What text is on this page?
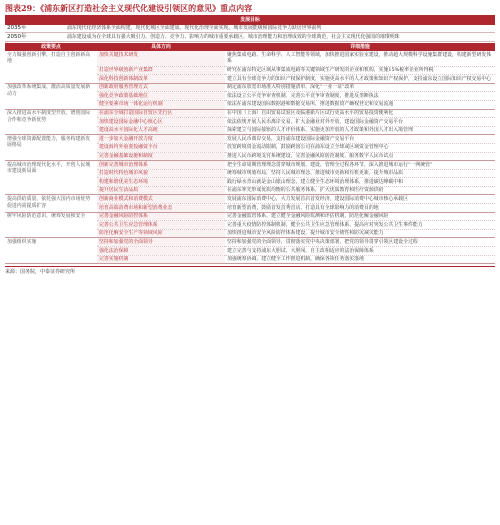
图表29：《浦东新区打造社会主义现代化建设引领区的意见》重点内容
发展目标	
2035年	浦东现代化经济体系全面构建，现代化城区全面建成，现代化治理全面实现，城市发展能级和国际竞争力跃居世界前列
2050年	浦东建设成为在全球具有强大吸引力、创造力、竞争力、影响力的城市重要承载区，城市治理能力和治理成效的全球典范，社会主义现代化强国的璀璨明珠
政策要点	具体方向	详细措施
全力做强创新引擎，打造自主创新新高地	加快关键技术研发	聚焦集成电路、生命科学、人工智能等领域，加快推进国家实验室建设，推动超大规模科学设施集群建设，构建新型研发体系
	打造世界级创新产业集群	研究在浦东特定区域从事集成电路等关键领域生产研发的企业和机构，实施15%税率企业所得税
	深化科技创新体制改革	建立具有全球竞争力的知识产权保护制度，实施更高水平的人才政策和知识产权保护，支持浦东设立国际知识产权交易中心
加强改革系统集成，激活高质量发展新动力	创新政府服务管理方式	制定浦东放宽市场准入特别措施清单，深化“一业一证”改革
	强化竞争政策基础地位	依法设立公平竞争审查机制，完善公平竞争审查制度，推进反垄断执法
	健全要素市场一体化运行机制	依法在浦东建设国际数据港和数据交易所，推进数据资产确权登记和交易流通
深入推进高水平制度型开放，增创国际合作和竞争新优势	在浦东全域打造国际自贸区先行区	在中国（上海）自由贸易试验区及临港新片区试行更高水平的贸易投资便利化
	加快建设国际金融中心核心区	依法依规开展人民币离岸交易，扩大金融业对外开放，建设国际金融资产交易平台
	建设高水平国际化人才高地	探索建立与国际接轨的人才评价体系，实施更加开放的人才政策和外国人才出入境管理
增强全球资源配置能力，服务构建新发展格局	进一步加大金融开放力度	发展人民币离岸交易，支持浦东建设国际金融资产交易平台
	建设海内外重要投融资平台	放宽跨境资金流动限制，鼓励跨国公司在浦东设立全球或区域资金管理中心
	完善金融基础设施和制度	推进人民币跨境支付系统建设，完善金融风险防范制度，服务数字人民币试点
提高城市治理现代化水平，开创人民城市建设新局面	创新完善城市治理体系	把全生命周期管理理念贯穿城市规划、建设、管理全过程各环节，深入推进城市运行“一网统管”
	打造时代特色城市风貌	统筹城市规划布局，坚持人民城市理念，推进城市更新和有机更新，提升城市品质
	构建和谐优美生态环境	践行绿水青山就是金山银山理念，建立健全生态环境治理体系，推进碳达峰碳中和
	提升居民生活品质	在浦东率先形成优质均衡的公共服务体系，扩大优质教育和医疗资源供给
提高供给质量，依托强大国内市场优势促进内需提质扩容	创新商业模式和消费模式	发展浦东国际消费中心，大力发展首店首发经济，建设国际消费中心城市核心承载区
	培育高端消费市场和新型消费业态	培育新型消费，鼓励首发首秀首店，打造具有全球影响力的消费目的地
树牢风险防范意识，统筹发展和安全	完善金融风险防控体系	完善金融监管体系，建立健全金融风险监测和评估机制，防范化解金融风险
	完善公共卫生应急管理体系	完善重大疫情防控体制机制，健全公共卫生应急管理体系，提高应对突发公共卫生事件能力
	防范化解安全生产等领域风险	加快推进城市安全风险防控体系建设，提升城市安全韧性和防灾减灾能力
加强组织实施	坚持和加强党的全面领导	坚持和加强党的全面领导，贯彻落实党中央决策部署，把党的领导贯穿引领区建设全过程
	强化法治保障	建立完善与支持浦东大胆试、大胆闯、自主改相适应的法治保障体系
	完善实施机制	加强统筹协调，建立健全工作推进机制，确保各项任务落实落地
来源：国务院，中泰证券研究所
